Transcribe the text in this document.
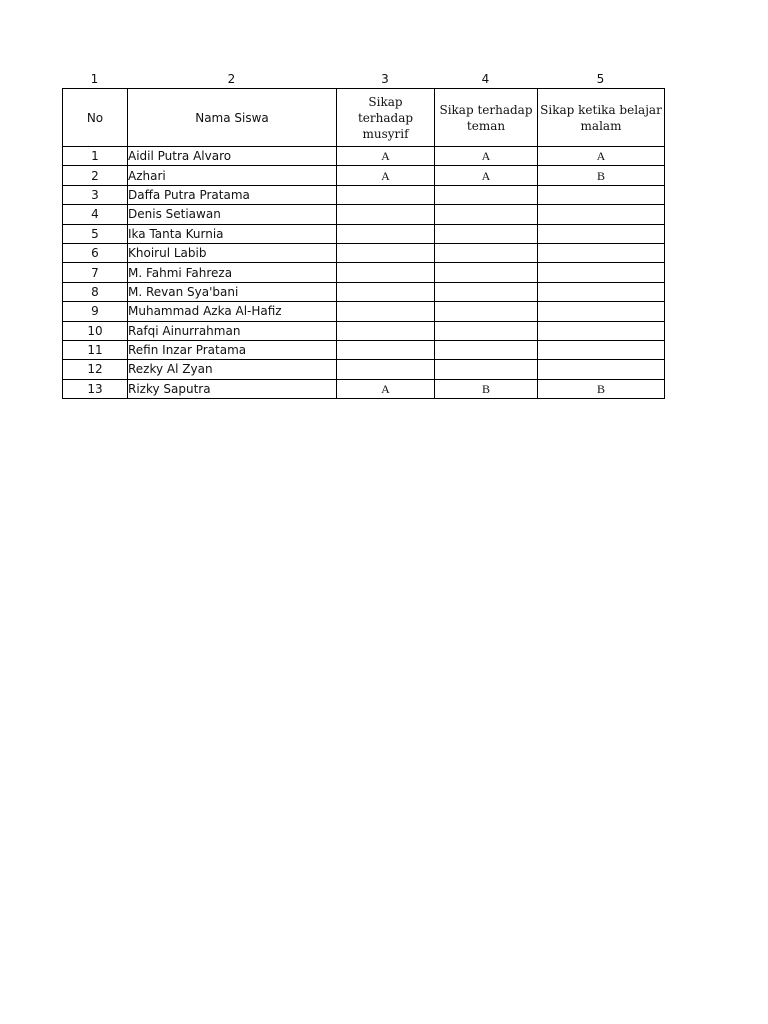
1	2	3	4	5
No	Nama Siswa	Sikap terhadap musyrif	Sikap terhadap teman	Sikap ketika belajar malam
1	Aidil Putra Alvaro	A	A	A
2	Azhari	A	A	B
3	Daffa Putra Pratama			
4	Denis Setiawan			
5	Ika Tanta Kurnia			
6	Khoirul Labib			
7	M. Fahmi Fahreza			
8	M. Revan Sya'bani			
9	Muhammad Azka Al-Hafiz			
10	Rafqi Ainurrahman			
11	Refin Inzar Pratama			
12	Rezky Al Zyan			
13	Rizky Saputra	A	B	B
